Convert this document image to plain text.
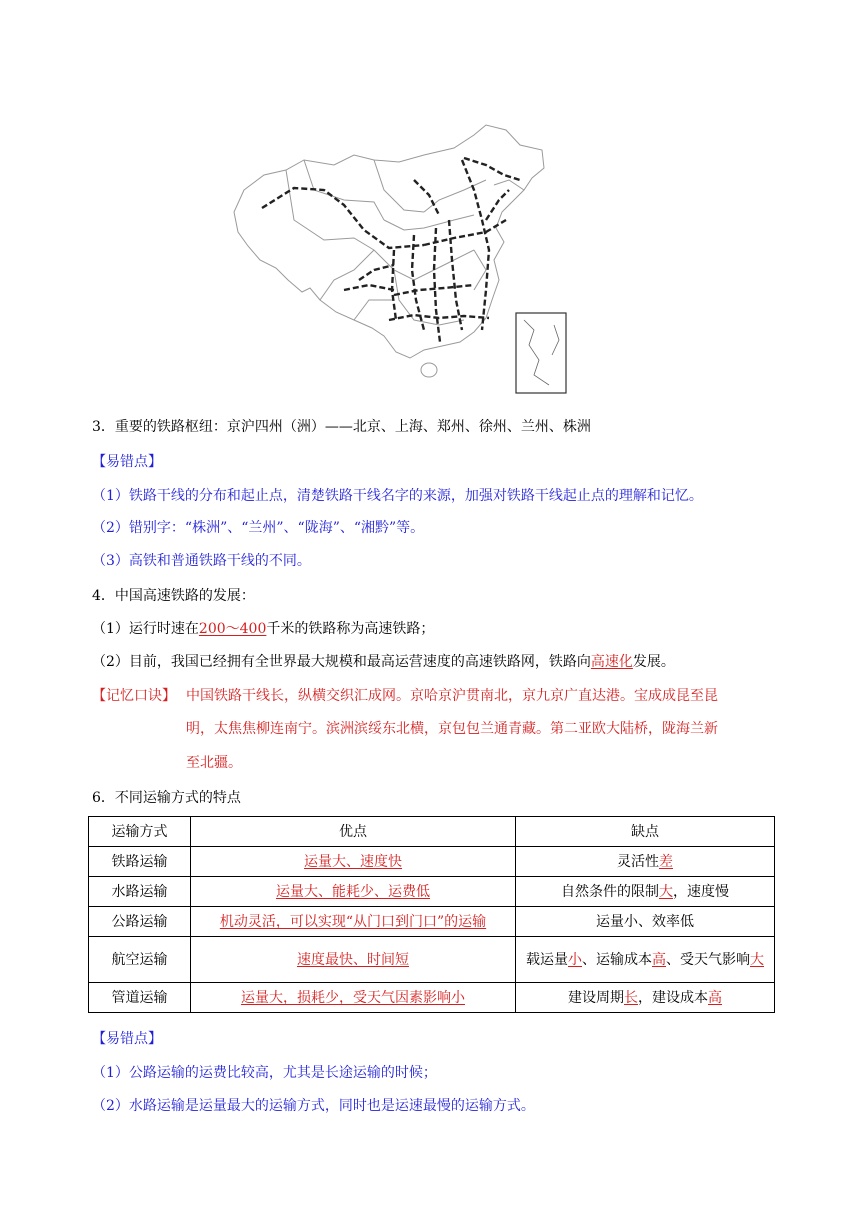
3．重要的铁路枢纽：京沪四州（洲）——北京、上海、郑州、徐州、兰州、株洲
【易错点】
（1）铁路干线的分布和起止点，清楚铁路干线名字的来源，加强对铁路干线起止点的理解和记忆。
（2）错别字：“株洲”、“兰州”、“陇海”、“湘黔”等。
（3）高铁和普通铁路干线的不同。
4．中国高速铁路的发展：
（1）运行时速在200～400千米的铁路称为高速铁路；
（2）目前，我国已经拥有全世界最大规模和最高运营速度的高速铁路网，铁路向高速化发展。
【记忆口诀】 中国铁路干线长，纵横交织汇成网。京哈京沪贯南北，京九京广直达港。宝成成昆至昆
明，太焦焦柳连南宁。滨洲滨绥东北横，京包包兰通青藏。第二亚欧大陆桥，陇海兰新
至北疆。
6．不同运输方式的特点
运输方式	优点	缺点
铁路运输	运量大、速度快	灵活性差
水路运输	运量大、能耗少、运费低	自然条件的限制大，速度慢
公路运输	机动灵活，可以实现“从门口到门口”的运输	运量小、效率低
航空运输	速度最快、时间短	载运量小、运输成本高、受天气影响大
管道运输	运量大，损耗少，受天气因素影响小	建设周期长，建设成本高
【易错点】
（1）公路运输的运费比较高，尤其是长途运输的时候；
（2）水路运输是运量最大的运输方式，同时也是运速最慢的运输方式。
